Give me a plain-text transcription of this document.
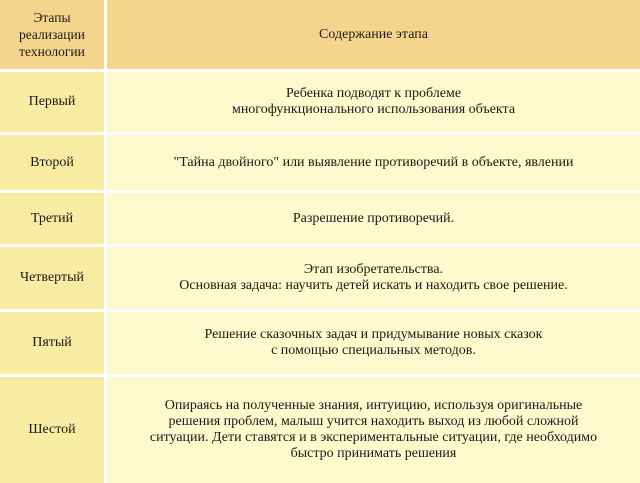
Этапы
реализации
технологии
Содержание этапа
Первый
Ребенка подводят к проблеме
многофункционального использования объекта
Второй	"Тайна двойного" или выявление противоречий в объекте, явлении
Третий	Разрешение противоречий.
Четвертый
Этап изобретательства.
Основная задача: научить детей искать и находить свое решение.
Пятый
Решение сказочных задач и придумывание новых сказок
с помощью специальных методов.
Шестой
Опираясь на полученные знания, интуицию, используя оригинальные
решения проблем, малыш учится находить выход из любой сложной
ситуации. Дети ставятся и в экспериментальные ситуации, где необходимо
быстро принимать решения
